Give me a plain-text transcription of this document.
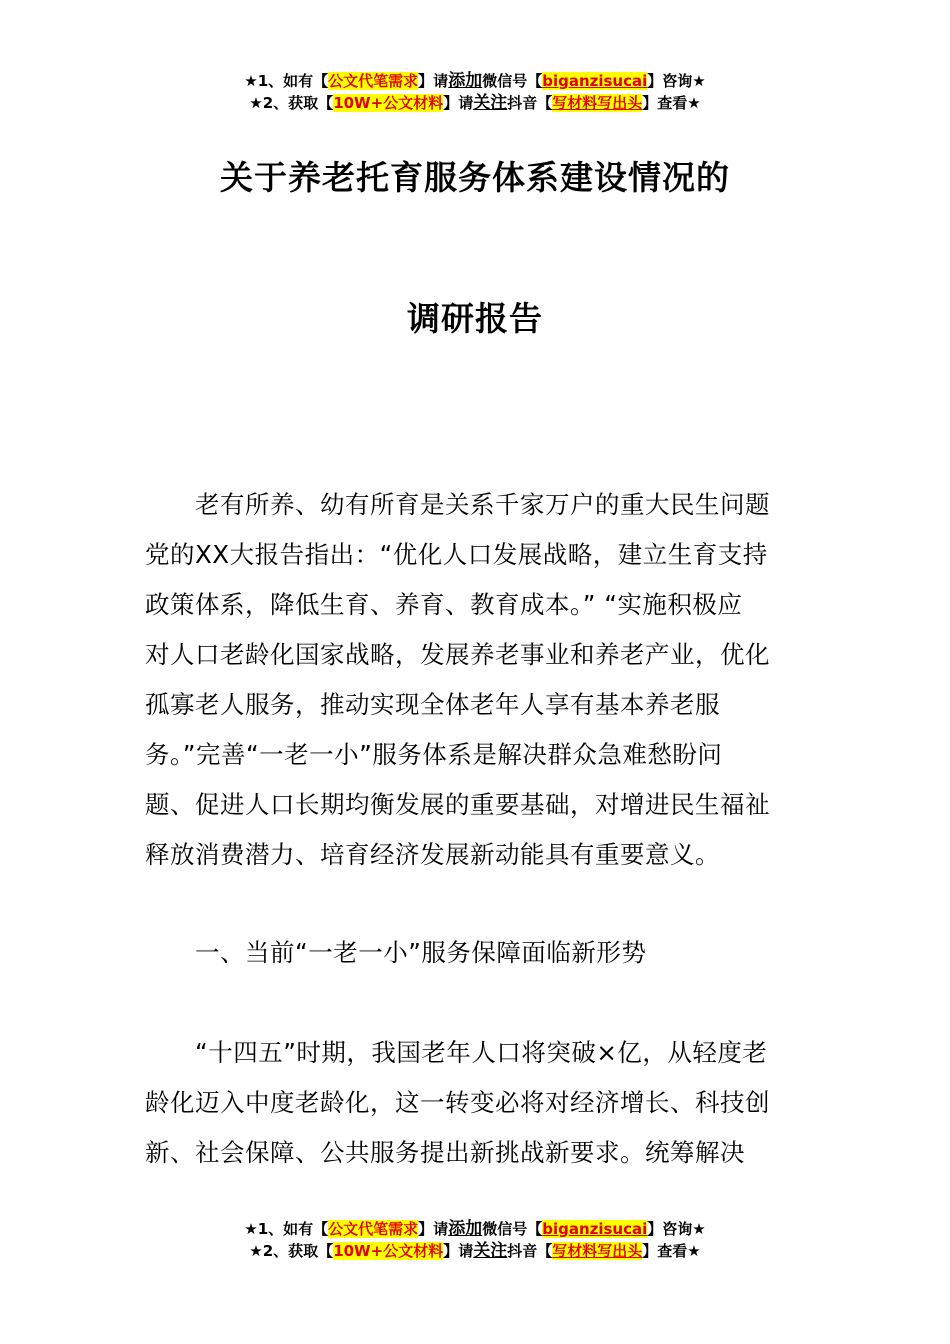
★1、如有【公文代笔需求】请添加微信号【biganzisucai】咨询★
★2、获取【10W+公文材料】请关注抖音【写材料写出头】查看★
关于养老托育服务体系建设情况的
调研报告

老有所养、幼有所育是关系千家万户的重大民生问题

党的XX大报告指出：“优化人口发展战略，建立生育支持

政策体系，降低生育、养育、教育成本。” “实施积极应

对人口老龄化国家战略，发展养老事业和养老产业，优化

孤寡老人服务，推动实现全体老年人享有基本养老服

务。”完善“一老一小”服务体系是解决群众急难愁盼问

题、促进人口长期均衡发展的重要基础，对增进民生福祉

释放消费潜力、培育经济发展新动能具有重要意义。

一、当前“一老一小”服务保障面临新形势

“十四五”时期，我国老年人口将突破×亿，从轻度老

龄化迈入中度老龄化，这一转变必将对经济增长、科技创

新、社会保障、公共服务提出新挑战新要求。统筹解决

★1、如有【公文代笔需求】请添加微信号【biganzisucai】咨询★
★2、获取【10W+公文材料】请关注抖音【写材料写出头】查看★
